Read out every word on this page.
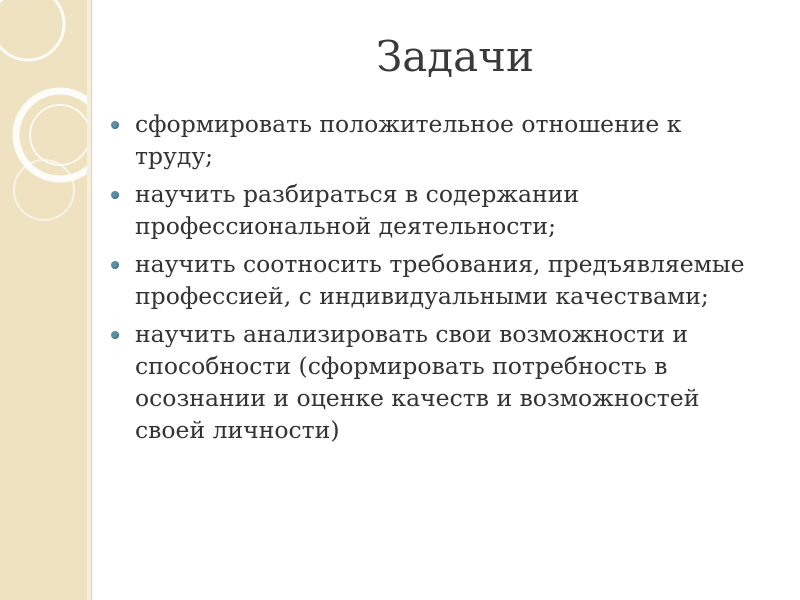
Задачи
сформировать положительное отношение к труду;
научить разбираться в содержании профессиональной деятельности;
научить соотносить требования, предъявляемые профессией, с индивидуальными качествами;
научить анализировать свои возможности и способности (сформировать потребность в осознании и оценке качеств и возможностей своей личности)
